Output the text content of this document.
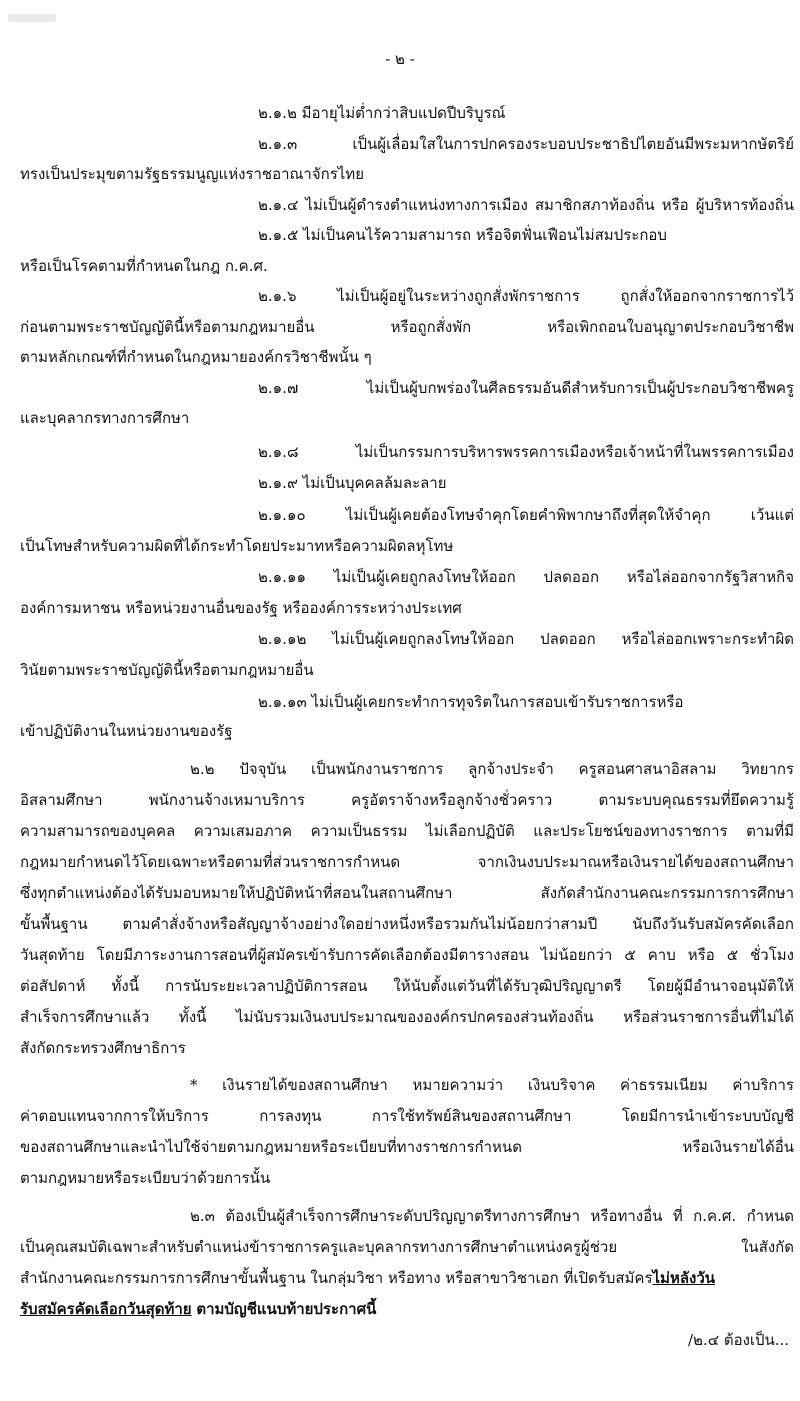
- ๒ -
๒.๑.๒ มีอายุไม่ต่ำกว่าสิบแปดปีบริบูรณ์
๒.๑.๓ เป็นผู้เลื่อมใสในการปกครองระบอบประชาธิปไตยอันมีพระมหากษัตริย์
ทรงเป็นประมุขตามรัฐธรรมนูญแห่งราชอาณาจักรไทย
๒.๑.๔ ไม่เป็นผู้ดำรงตำแหน่งทางการเมือง สมาชิกสภาท้องถิ่น หรือ ผู้บริหารท้องถิ่น
๒.๑.๕ ไม่เป็นคนไร้ความสามารถ หรือจิตฟั่นเฟือนไม่สมประกอบ
หรือเป็นโรคตามที่กำหนดในกฎ ก.ค.ศ.
๒.๑.๖ ไม่เป็นผู้อยู่ในระหว่างถูกสั่งพักราชการ ถูกสั่งให้ออกจากราชการไว้
ก่อนตามพระราชบัญญัตินี้หรือตามกฎหมายอื่น หรือถูกสั่งพัก หรือเพิกถอนใบอนุญาตประกอบวิชาชีพ
ตามหลักเกณฑ์ที่กำหนดในกฎหมายองค์กรวิชาชีพนั้น ๆ
๒.๑.๗ ไม่เป็นผู้บกพร่องในศีลธรรมอันดีสำหรับการเป็นผู้ประกอบวิชาชีพครู
และบุคลากรทางการศึกษา
๒.๑.๘ ไม่เป็นกรรมการบริหารพรรคการเมืองหรือเจ้าหน้าที่ในพรรคการเมือง
๒.๑.๙ ไม่เป็นบุคคลล้มละลาย
๒.๑.๑๐ ไม่เป็นผู้เคยต้องโทษจำคุกโดยคำพิพากษาถึงที่สุดให้จำคุก เว้นแต่
เป็นโทษสำหรับความผิดที่ได้กระทำโดยประมาทหรือความผิดลหุโทษ
๒.๑.๑๑ ไม่เป็นผู้เคยถูกลงโทษให้ออก ปลดออก หรือไล่ออกจากรัฐวิสาหกิจ
องค์การมหาชน หรือหน่วยงานอื่นของรัฐ หรือองค์การระหว่างประเทศ
๒.๑.๑๒ ไม่เป็นผู้เคยถูกลงโทษให้ออก ปลดออก หรือไล่ออกเพราะกระทำผิด
วินัยตามพระราชบัญญัตินี้หรือตามกฎหมายอื่น
๒.๑.๑๓ ไม่เป็นผู้เคยกระทำการทุจริตในการสอบเข้ารับราชการหรือ
เข้าปฏิบัติงานในหน่วยงานของรัฐ
๒.๒ ปัจจุบัน เป็นพนักงานราชการ ลูกจ้างประจำ ครูสอนศาสนาอิสลาม วิทยากร
อิสลามศึกษา พนักงานจ้างเหมาบริการ ครูอัตราจ้างหรือลูกจ้างชั่วคราว ตามระบบคุณธรรมที่ยึดความรู้
ความสามารถของบุคคล ความเสมอภาค ความเป็นธรรม ไม่เลือกปฏิบัติ และประโยชน์ของทางราชการ ตามที่มี
กฎหมายกำหนดไว้โดยเฉพาะหรือตามที่ส่วนราชการกำหนด จากเงินงบประมาณหรือเงินรายได้ของสถานศึกษา
ซึ่งทุกตำแหน่งต้องได้รับมอบหมายให้ปฏิบัติหน้าที่สอนในสถานศึกษา สังกัดสำนักงานคณะกรรมการการศึกษา
ขั้นพื้นฐาน ตามคำสั่งจ้างหรือสัญญาจ้างอย่างใดอย่างหนึ่งหรือรวมกันไม่น้อยกว่าสามปี นับถึงวันรับสมัครคัดเลือก
วันสุดท้าย โดยมีภาระงานการสอนที่ผู้สมัครเข้ารับการคัดเลือกต้องมีตารางสอน ไม่น้อยกว่า ๕ คาบ หรือ ๕ ชั่วโมง
ต่อสัปดาห์ ทั้งนี้ การนับระยะเวลาปฏิบัติการสอน ให้นับตั้งแต่วันที่ได้รับวุฒิปริญญาตรี โดยผู้มีอำนาจอนุมัติให้
สำเร็จการศึกษาแล้ว ทั้งนี้ ไม่นับรวมเงินงบประมาณขององค์กรปกครองส่วนท้องถิ่น หรือส่วนราชการอื่นที่ไม่ได้
สังกัดกระทรวงศึกษาธิการ
* เงินรายได้ของสถานศึกษา หมายความว่า เงินบริจาค ค่าธรรมเนียม ค่าบริการ
ค่าตอบแทนจากการให้บริการ การลงทุน การใช้ทรัพย์สินของสถานศึกษา โดยมีการนำเข้าระบบบัญชี
ของสถานศึกษาและนำไปใช้จ่ายตามกฎหมายหรือระเบียบที่ทางราชการกำหนด หรือเงินรายได้อื่น
ตามกฎหมายหรือระเบียบว่าด้วยการนั้น
๒.๓ ต้องเป็นผู้สำเร็จการศึกษาระดับปริญญาตรีทางการศึกษา หรือทางอื่น ที่ ก.ค.ศ. กำหนด
เป็นคุณสมบัติเฉพาะสำหรับตำแหน่งข้าราชการครูและบุคลากรทางการศึกษาตำแหน่งครูผู้ช่วย ในสังกัด
สำนักงานคณะกรรมการการศึกษาขั้นพื้นฐาน ในกลุ่มวิชา หรือทาง หรือสาขาวิชาเอก ที่เปิดรับสมัครไม่หลังวัน
รับสมัครคัดเลือกวันสุดท้าย ตามบัญชีแนบท้ายประกาศนี้
/๒.๔ ต้องเป็น...
